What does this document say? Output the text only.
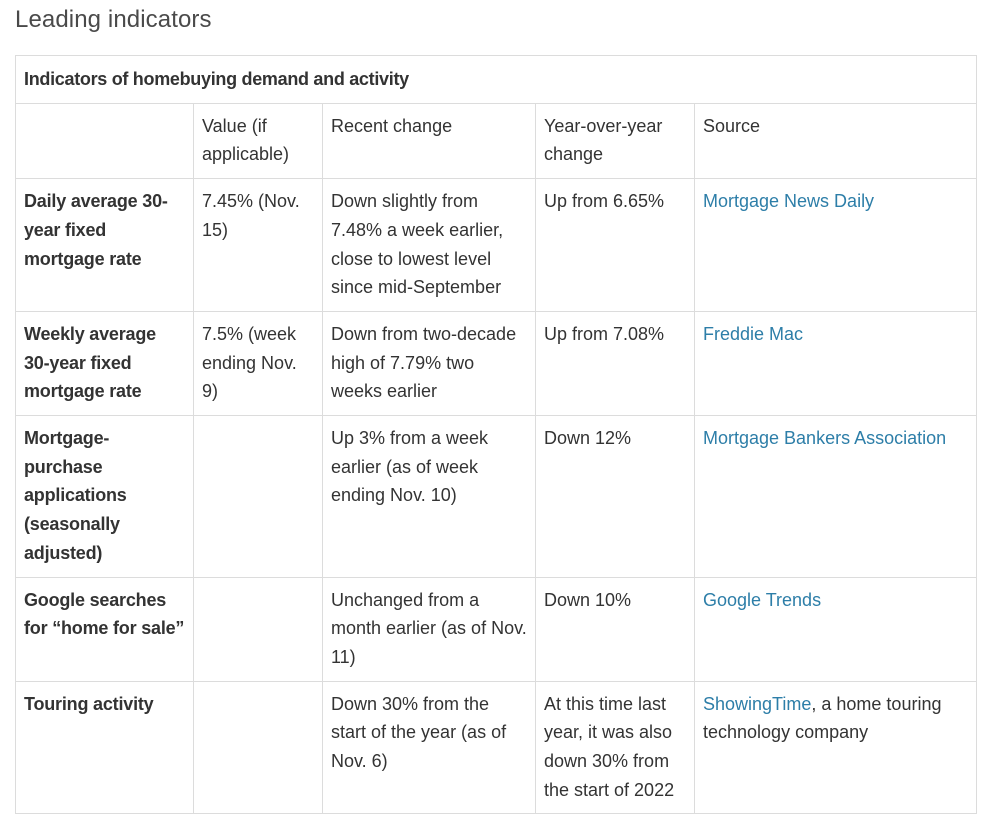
Leading indicators
Indicators of homebuying demand and activity				
	Value (if applicable)	Recent change	Year-over-year change	Source
Daily average 30-year fixed mortgage rate	7.45% (Nov. 15)	Down slightly from 7.48% a week earlier, close to lowest level since mid-September	Up from 6.65%	Mortgage News Daily
Weekly average 30-year fixed mortgage rate	7.5% (week ending Nov. 9)	Down from two-decade high of 7.79% two weeks earlier	Up from 7.08%	Freddie Mac
Mortgage-purchase applications (seasonally adjusted)		Up 3% from a week earlier (as of week ending Nov. 10)	Down 12%	Mortgage Bankers Association
Google searches for “home for sale”		Unchanged from a month earlier (as of Nov. 11)	Down 10%	Google Trends
Touring activity		Down 30% from the start of the year (as of Nov. 6)	At this time last year, it was also down 30% from the start of 2022	ShowingTime, a home touring technology company
